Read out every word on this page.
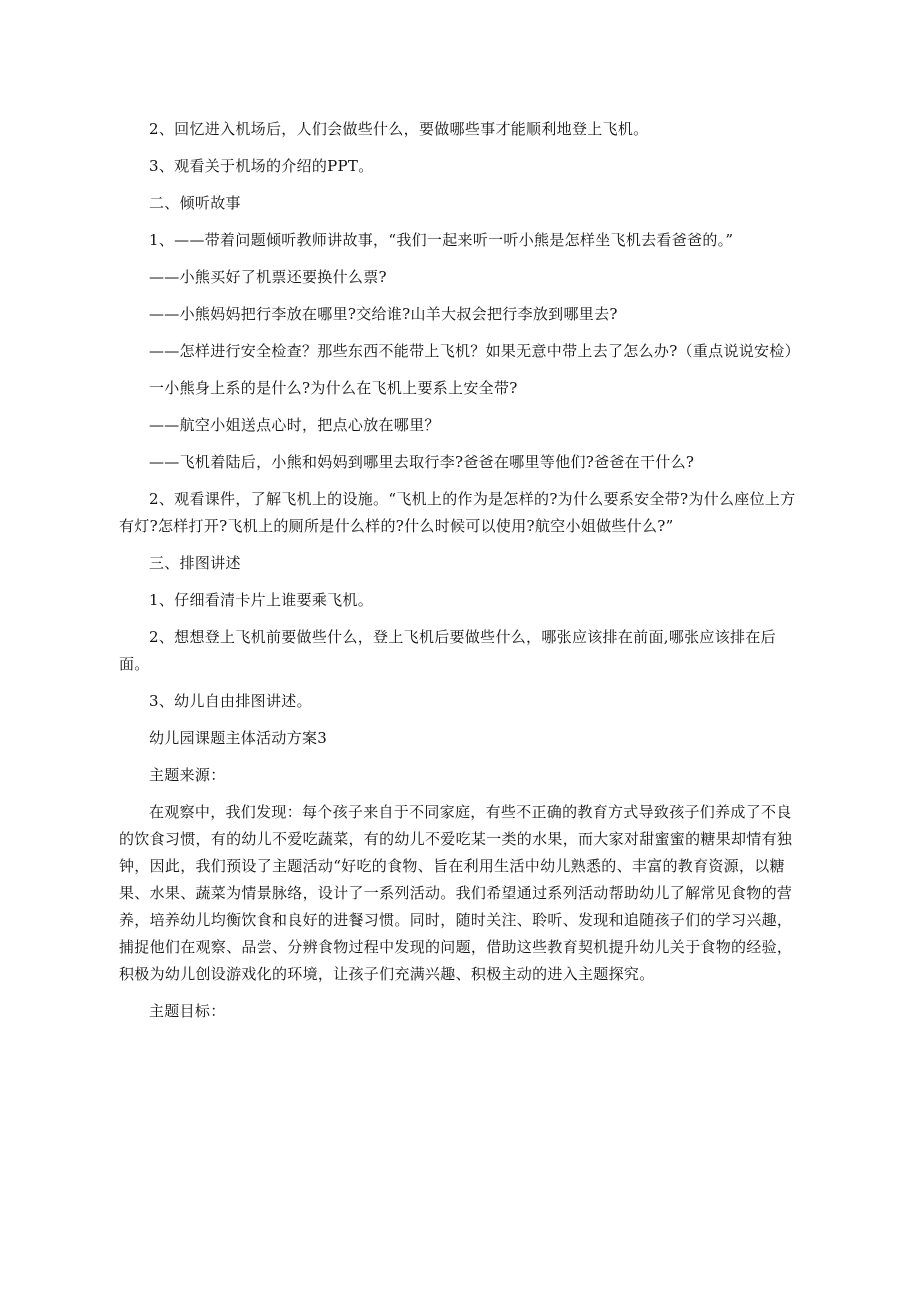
2、回忆进入机场后，人们会做些什么，要做哪些事才能顺利地登上飞机。

3、观看关于机场的介绍的PPT。

二、倾听故事

1、——带着问题倾听教师讲故事，“我们一起来听一听小熊是怎样坐飞机去看爸爸的。”

——小熊买好了机票还要换什么票?

——小熊妈妈把行李放在哪里?交给谁?山羊大叔会把行李放到哪里去?

——怎样进行安全检查？那些东西不能带上飞机？如果无意中带上去了怎么办?（重点说说安检）

一小熊身上系的是什么?为什么在飞机上要系上安全带?

——航空小姐送点心时，把点心放在哪里？

——飞机着陆后，小熊和妈妈到哪里去取行李?爸爸在哪里等他们?爸爸在干什么?

2、观看课件，了解飞机上的设施。“飞机上的作为是怎样的?为什么要系安全带?为什么座位上方有灯?怎样打开?飞机上的厕所是什么样的?什么时候可以使用?航空小姐做些什么?”

三、排图讲述

1、仔细看清卡片上谁要乘飞机。

2、想想登上飞机前要做些什么，登上飞机后要做些什么，哪张应该排在前面,哪张应该排在后面。

3、幼儿自由排图讲述。

幼儿园课题主体活动方案3

主题来源：

在观察中，我们发现：每个孩子来自于不同家庭，有些不正确的教育方式导致孩子们养成了不良的饮食习惯，有的幼儿不爱吃蔬菜，有的幼儿不爱吃某一类的水果，而大家对甜蜜蜜的糖果却情有独钟，因此，我们预设了主题活动“好吃的食物、旨在利用生活中幼儿熟悉的、丰富的教育资源，以糖果、水果、蔬菜为情景脉络，设计了一系列活动。我们希望通过系列活动帮助幼儿了解常见食物的营养，培养幼儿均衡饮食和良好的进餐习惯。同时，随时关注、聆听、发现和追随孩子们的学习兴趣，捕捉他们在观察、品尝、分辨食物过程中发现的问题，借助这些教育契机提升幼儿关于食物的经验，积极为幼儿创设游戏化的环境，让孩子们充满兴趣、积极主动的进入主题探究。

主题目标：
